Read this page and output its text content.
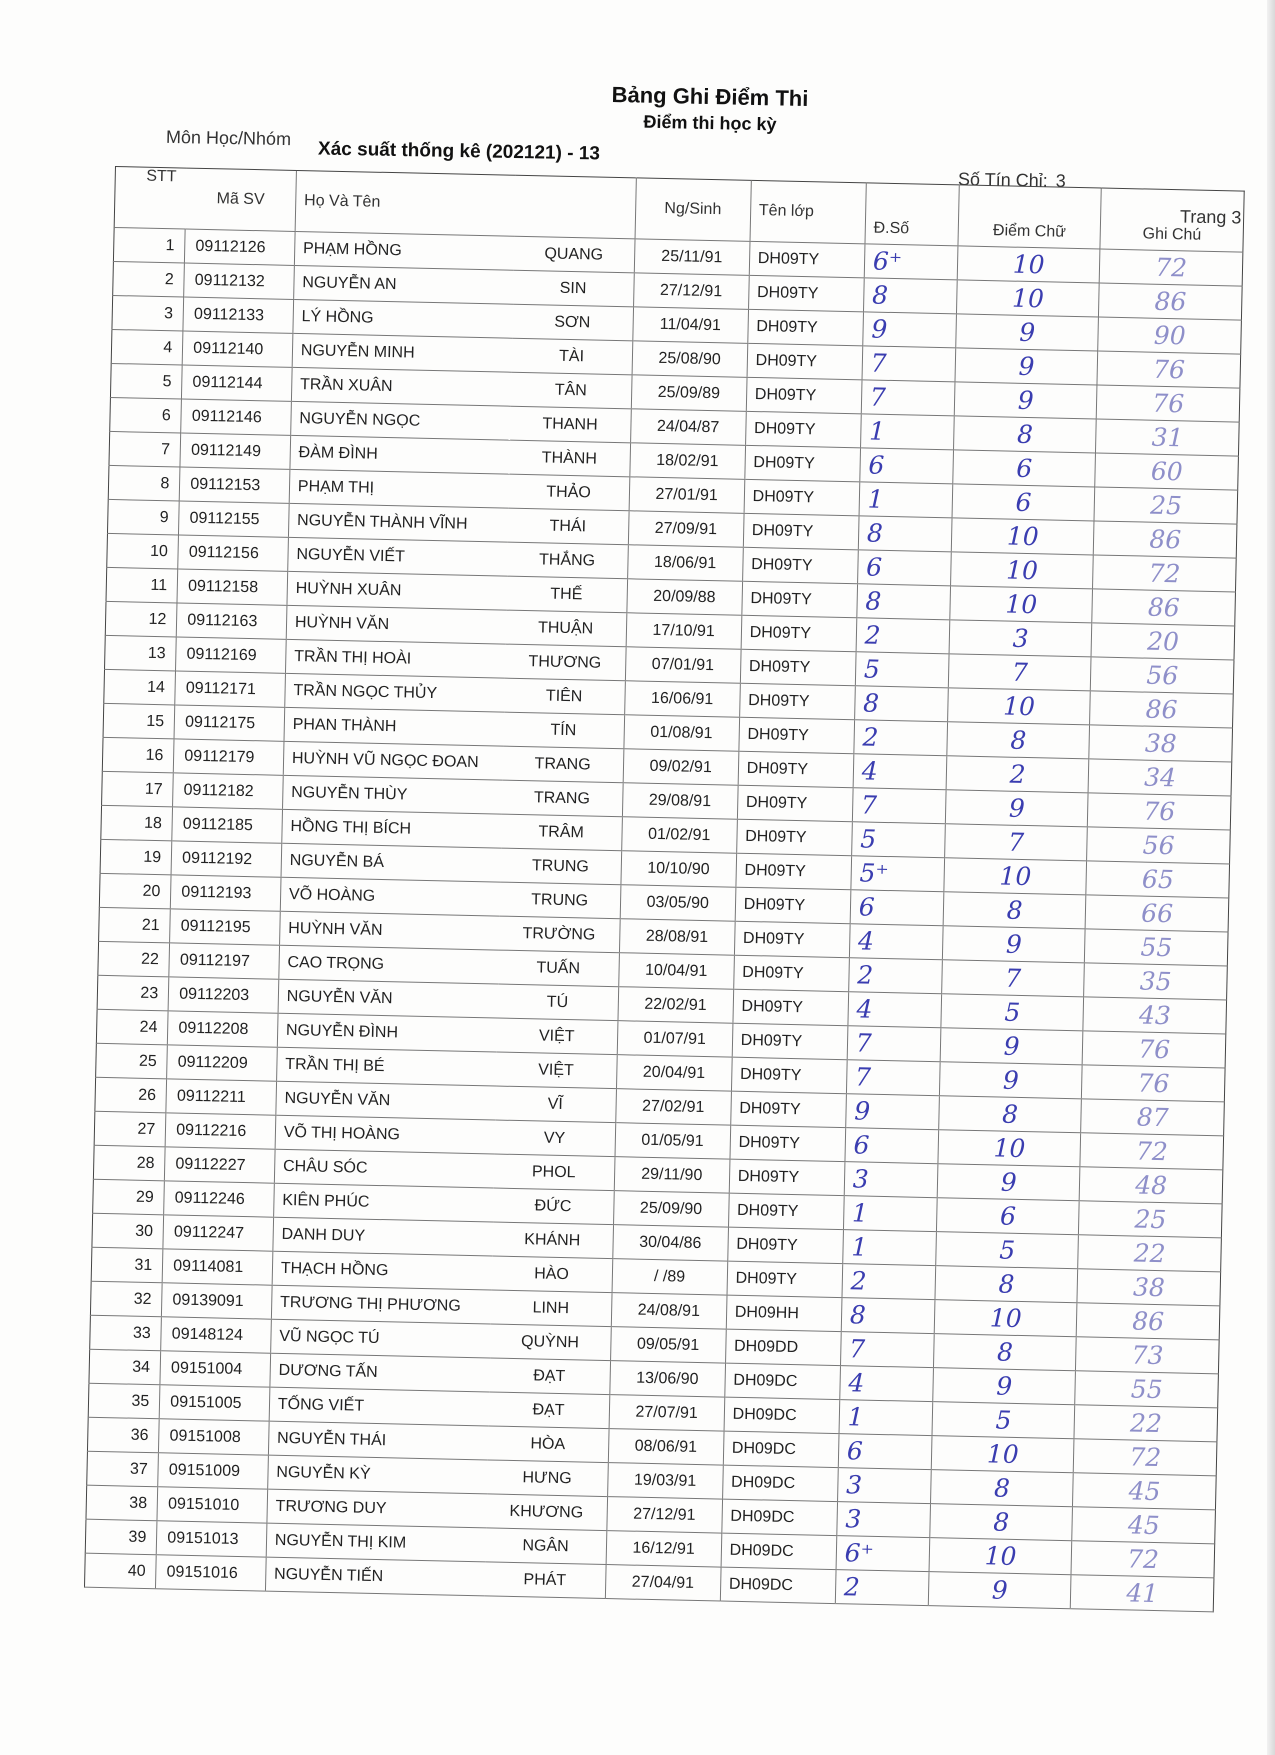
Bảng Ghi Điểm Thi
Điểm thi học kỳ
Môn Học/Nhóm
Xác suất thống kê (202121) - 13
Số Tín Chỉ: 3
Trang 3
STT	Mã SV	Họ Và Tên		Ng/Sinh	Tên lớp	Đ.Số	Điểm Chữ	Ghi Chú
1	09112126	PHẠM HỒNG	QUANG	25/11/91	DH09TY	6⁺	10	72
2	09112132	NGUYỄN AN	SIN	27/12/91	DH09TY	8	10	86
3	09112133	LÝ HỒNG	SƠN	11/04/91	DH09TY	9	9	90
4	09112140	NGUYỄN MINH	TÀI	25/08/90	DH09TY	7	9	76
5	09112144	TRẦN XUÂN	TÂN	25/09/89	DH09TY	7	9	76
6	09112146	NGUYỄN NGỌC	THANH	24/04/87	DH09TY	1	8	31
7	09112149	ĐÀM ĐÌNH	THÀNH	18/02/91	DH09TY	6	6	60
8	09112153	PHẠM THỊ	THẢO	27/01/91	DH09TY	1	6	25
9	09112155	NGUYỄN THÀNH VĨNH	THÁI	27/09/91	DH09TY	8	10	86
10	09112156	NGUYỄN VIẾT	THẮNG	18/06/91	DH09TY	6	10	72
11	09112158	HUỲNH XUÂN	THẾ	20/09/88	DH09TY	8	10	86
12	09112163	HUỲNH VĂN	THUẬN	17/10/91	DH09TY	2	3	20
13	09112169	TRẦN THỊ HOÀI	THƯƠNG	07/01/91	DH09TY	5	7	56
14	09112171	TRẦN NGỌC THỦY	TIÊN	16/06/91	DH09TY	8	10	86
15	09112175	PHAN THÀNH	TÍN	01/08/91	DH09TY	2	8	38
16	09112179	HUỲNH VŨ NGỌC ĐOAN	TRANG	09/02/91	DH09TY	4	2	34
17	09112182	NGUYỄN THÙY	TRANG	29/08/91	DH09TY	7	9	76
18	09112185	HỒNG THỊ BÍCH	TRÂM	01/02/91	DH09TY	5	7	56
19	09112192	NGUYỄN BÁ	TRUNG	10/10/90	DH09TY	5⁺	10	65
20	09112193	VÕ HOÀNG	TRUNG	03/05/90	DH09TY	6	8	66
21	09112195	HUỲNH VĂN	TRƯỜNG	28/08/91	DH09TY	4	9	55
22	09112197	CAO TRỌNG	TUẤN	10/04/91	DH09TY	2	7	35
23	09112203	NGUYỄN VĂN	TÚ	22/02/91	DH09TY	4	5	43
24	09112208	NGUYỄN ĐÌNH	VIỆT	01/07/91	DH09TY	7	9	76
25	09112209	TRẦN THỊ BÉ	VIỆT	20/04/91	DH09TY	7	9	76
26	09112211	NGUYỄN VĂN	VĨ	27/02/91	DH09TY	9	8	87
27	09112216	VÕ THỊ HOÀNG	VY	01/05/91	DH09TY	6	10	72
28	09112227	CHÂU SÓC	PHOL	29/11/90	DH09TY	3	9	48
29	09112246	KIÊN PHÚC	ĐỨC	25/09/90	DH09TY	1	6	25
30	09112247	DANH DUY	KHÁNH	30/04/86	DH09TY	1	5	22
31	09114081	THẠCH HỒNG	HÀO	/ /89	DH09TY	2	8	38
32	09139091	TRƯƠNG THỊ PHƯƠNG	LINH	24/08/91	DH09HH	8	10	86
33	09148124	VŨ NGỌC TÚ	QUỲNH	09/05/91	DH09DD	7	8	73
34	09151004	DƯƠNG TẤN	ĐẠT	13/06/90	DH09DC	4	9	55
35	09151005	TỐNG VIẾT	ĐẠT	27/07/91	DH09DC	1	5	22
36	09151008	NGUYỄN THÁI	HÒA	08/06/91	DH09DC	6	10	72
37	09151009	NGUYỄN KỲ	HƯNG	19/03/91	DH09DC	3	8	45
38	09151010	TRƯƠNG DUY	KHƯƠNG	27/12/91	DH09DC	3	8	45
39	09151013	NGUYỄN THỊ KIM	NGÂN	16/12/91	DH09DC	6⁺	10	72
40	09151016	NGUYỄN TIẾN	PHÁT	27/04/91	DH09DC	2	9	41
